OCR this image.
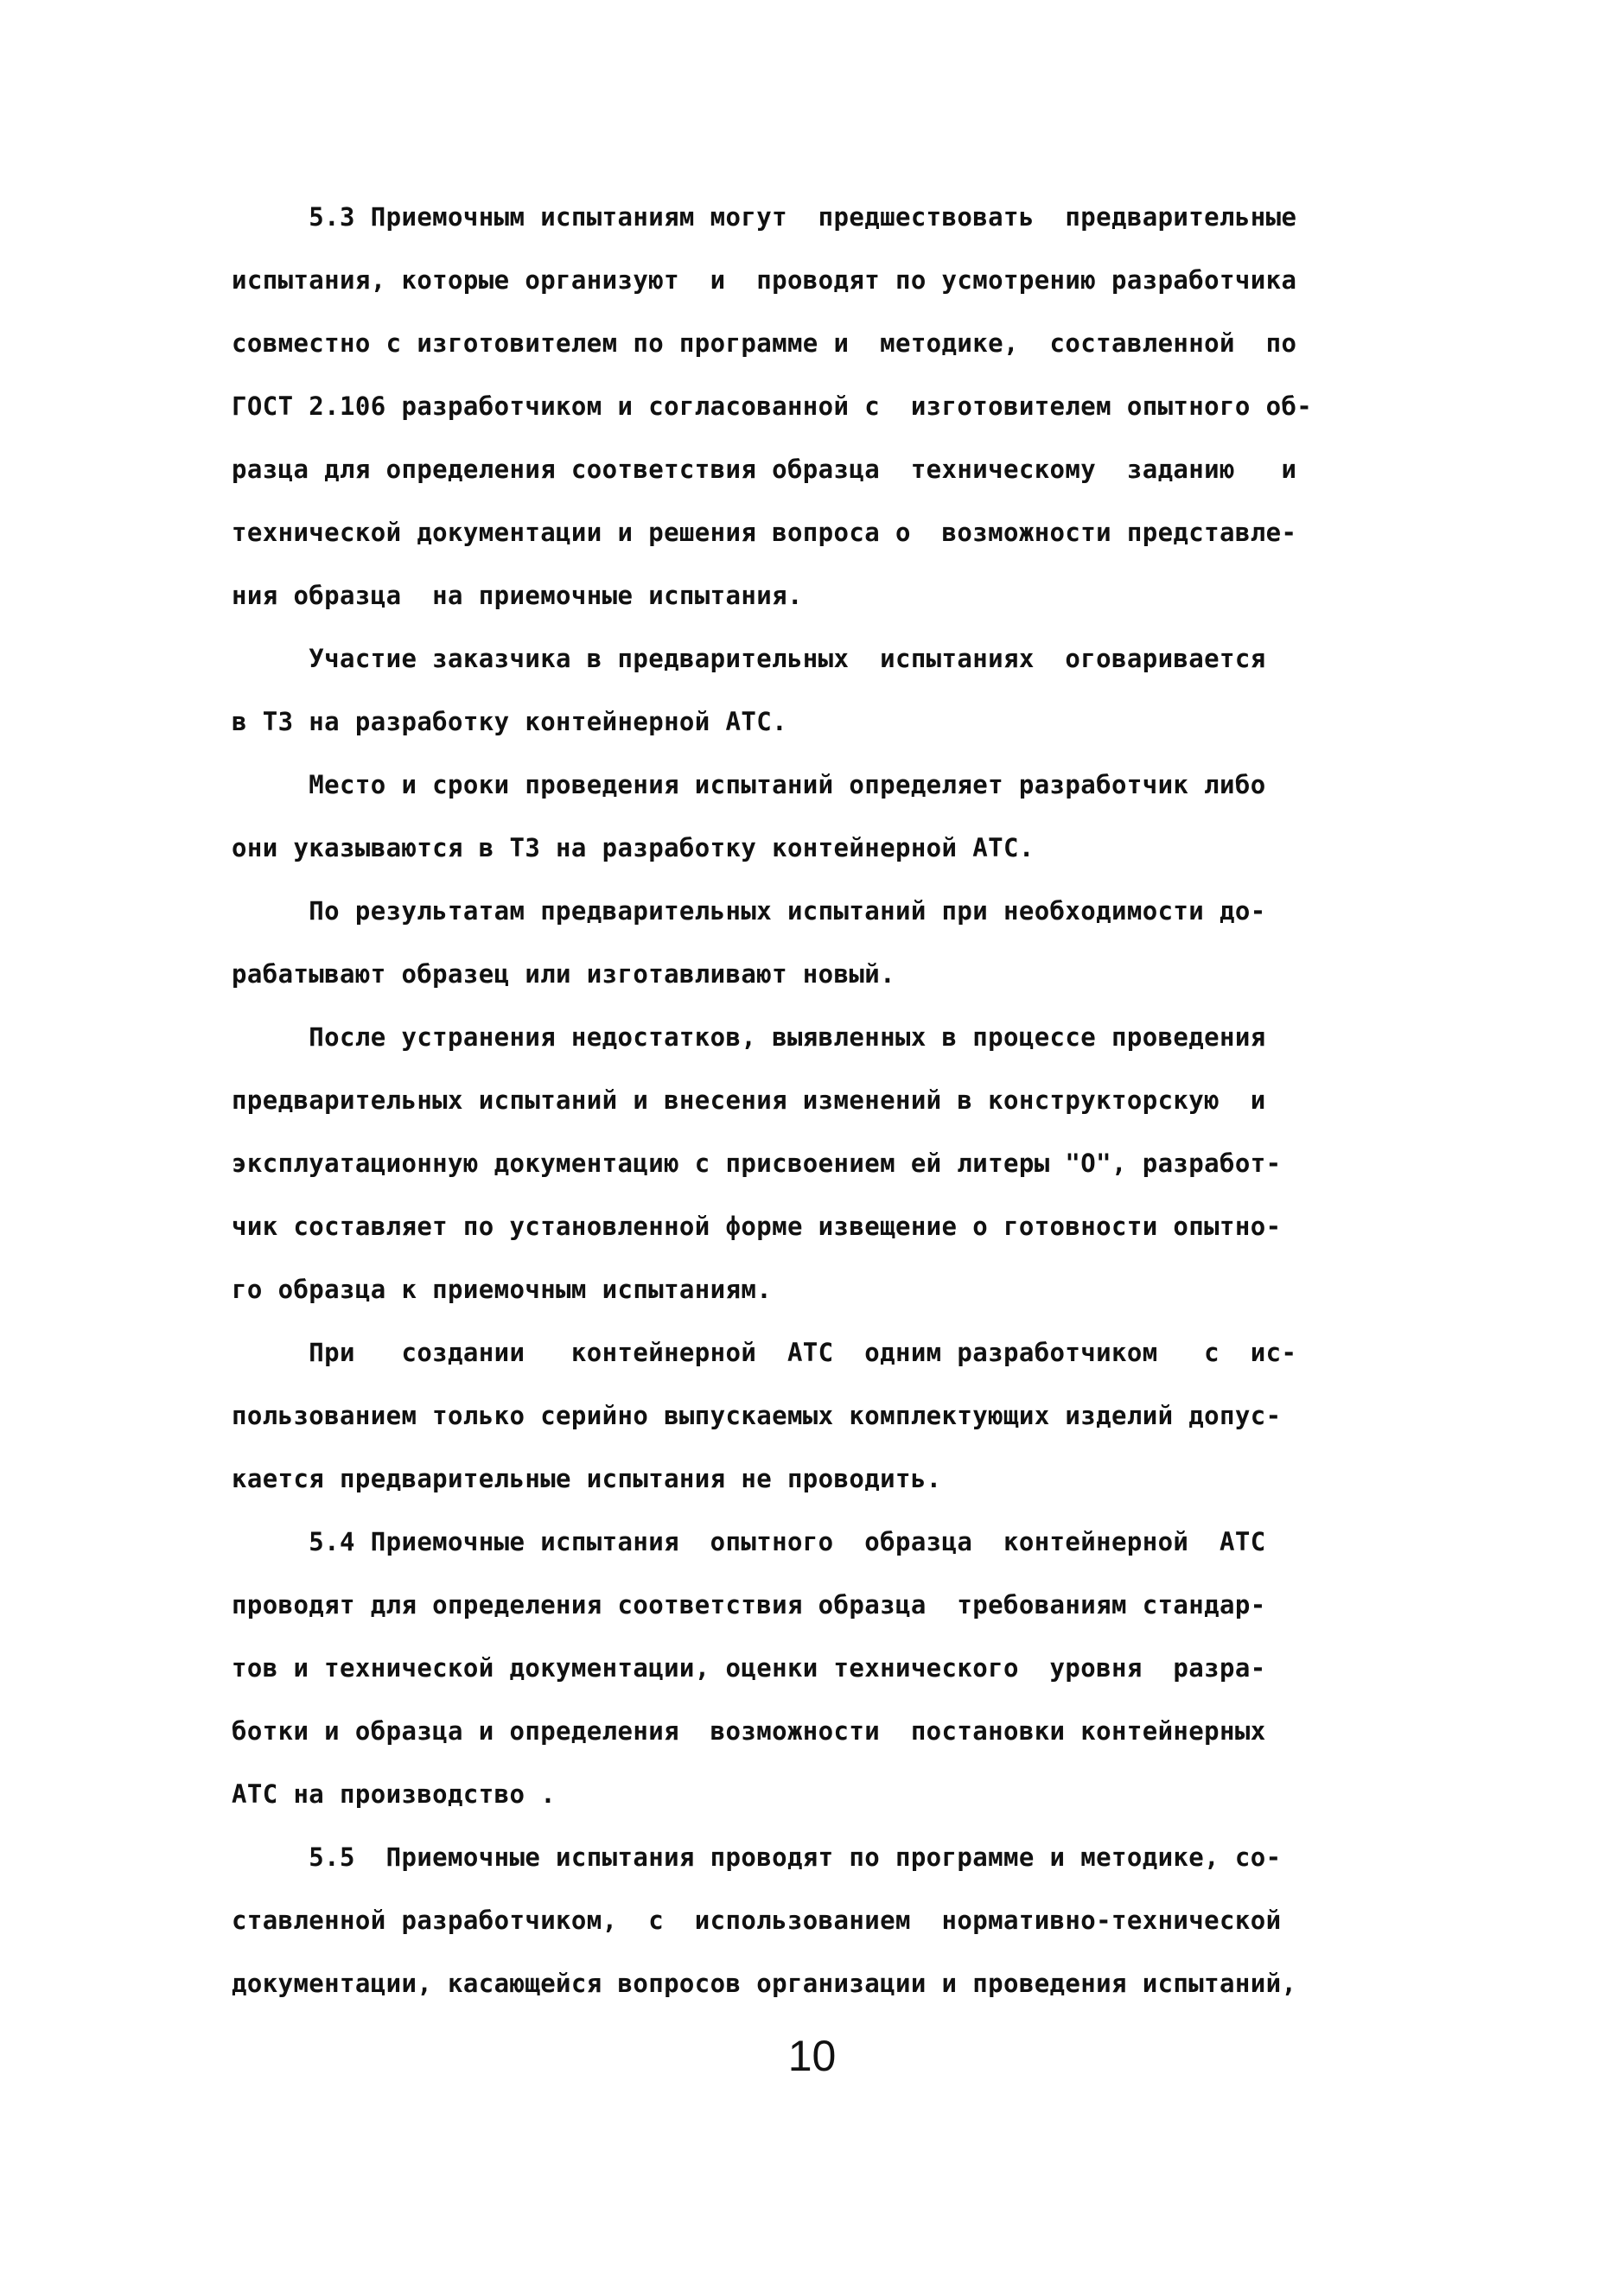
5.3 Приемочным испытаниям могут  предшествовать  предварительные
испытания, которые организуют  и  проводят по усмотрению разработчика
совместно с изготовителем по программе и  методике,  составленной  по
ГОСТ 2.106 разработчиком и согласованной с  изготовителем опытного об-
разца для определения соответствия образца  техническому  заданию   и
технической документации и решения вопроса о  возможности представле-
ния образца  на приемочные испытания.
Участие заказчика в предварительных  испытаниях  оговаривается
в ТЗ на разработку контейнерной АТС.
Место и сроки проведения испытаний определяет разработчик либо
они указываются в ТЗ на разработку контейнерной АТС.
По результатам предварительных испытаний при необходимости до-
рабатывают образец или изготавливают новый.
После устранения недостатков, выявленных в процессе проведения
предварительных испытаний и внесения изменений в конструкторскую  и
эксплуатационную документацию с присвоением ей литеры "О", разработ-
чик составляет по установленной форме извещение о готовности опытно-
го образца к приемочным испытаниям.
При   создании   контейнерной  АТС  одним разработчиком   с  ис-
пользованием только серийно выпускаемых комплектующих изделий допус-
кается предварительные испытания не проводить.
5.4 Приемочные испытания  опытного  образца  контейнерной  АТС
проводят для определения соответствия образца  требованиям стандар-
тов и технической документации, оценки технического  уровня  разра-
ботки и образца и определения  возможности  постановки контейнерных
АТС на производство .
5.5  Приемочные испытания проводят по программе и методике, со-
ставленной разработчиком,  с  использованием  нормативно-технической
документации, касающейся вопросов организации и проведения испытаний,
10
